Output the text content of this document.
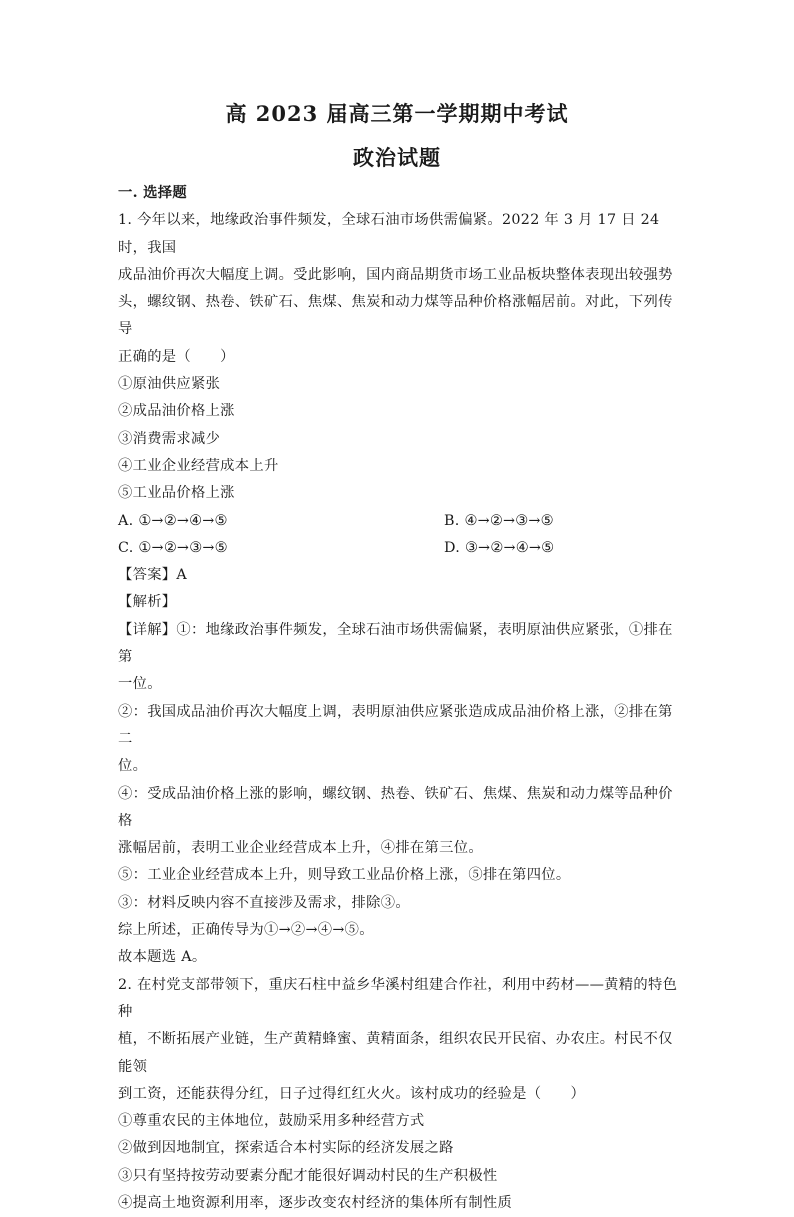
高 2023 届高三第一学期期中考试
政治试题

一. 选择题

1. 今年以来，地缘政治事件频发，全球石油市场供需偏紧。2022 年 3 月 17 日 24 时，我国

成品油价再次大幅度上调。受此影响，国内商品期货市场工业品板块整体表现出较强势

头，螺纹钢、热卷、铁矿石、焦煤、焦炭和动力煤等品种价格涨幅居前。对此，下列传导

正确的是（　　）

①原油供应紧张

②成品油价格上涨

③消费需求减少

④工业企业经营成本上升

⑤工业品价格上涨

A. ①→②→④→⑤	B. ④→②→③→⑤
C. ①→②→③→⑤	D. ③→②→④→⑤

【答案】A

【解析】

【详解】①：地缘政治事件频发，全球石油市场供需偏紧，表明原油供应紧张，①排在第

一位。

②：我国成品油价再次大幅度上调，表明原油供应紧张造成成品油价格上涨，②排在第二

位。

④：受成品油价格上涨的影响，螺纹钢、热卷、铁矿石、焦煤、焦炭和动力煤等品种价格

涨幅居前，表明工业企业经营成本上升，④排在第三位。

⑤：工业企业经营成本上升，则导致工业品价格上涨，⑤排在第四位。

③：材料反映内容不直接涉及需求，排除③。

综上所述，正确传导为①→②→④→⑤。

故本题选 A。

2. 在村党支部带领下，重庆石柱中益乡华溪村组建合作社，利用中药材——黄精的特色种

植，不断拓展产业链，生产黄精蜂蜜、黄精面条，组织农民开民宿、办农庄。村民不仅能领

到工资，还能获得分红，日子过得红红火火。该村成功的经验是（　　）

①尊重农民的主体地位，鼓励采用多种经营方式

②做到因地制宜，探索适合本村实际的经济发展之路

③只有坚持按劳动要素分配才能很好调动村民的生产积极性

④提高土地资源利用率，逐步改变农村经济的集体所有制性质
